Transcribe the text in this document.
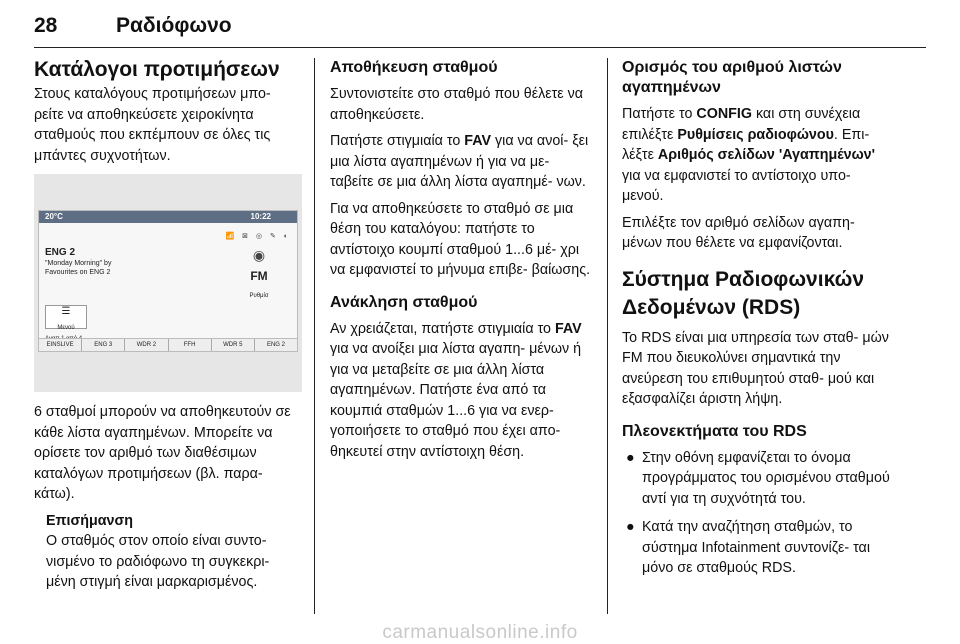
28	Ραδιόφωνο
Κατάλογοι προτιμήσεων

Στους καταλόγους προτιμήσεων μπο- ρείτε να αποθηκεύσετε χειροκίνητα σταθμούς που εκπέμπουν σε όλες τις μπάντες συχνοτήτων.

20°C	10:22
📶 ⊠ ◎ ✎ ◐
ENG 2
"Monday Morning" by
Favourites on ENG 2
◉
FM
Ρυθμίσ
☰
Μενού
EINSLIVE	ENG 3	WDR 2	FFH	WDR 5	ENG 2

6 σταθμοί μπορούν να αποθηκευτούν σε κάθε λίστα αγαπημένων. Μπορείτε να ορίσετε τον αριθμό των διαθέσιμων καταλόγων προτιμήσεων (βλ. παρα- κάτω).

Επισήμανση
Ο σταθμός στον οποίο είναι συντο- νισμένο το ραδιόφωνο τη συγκεκρι- μένη στιγμή είναι μαρκαρισμένος.
Αποθήκευση σταθμού

Συντονιστείτε στο σταθμό που θέλετε να αποθηκεύσετε.

Πατήστε στιγμιαία το FAV για να ανοί- ξει μια λίστα αγαπημένων ή για να με- ταβείτε σε μια άλλη λίστα αγαπημέ- νων.

Για να αποθηκεύσετε το σταθμό σε μια θέση του καταλόγου: πατήστε το αντίστοιχο κουμπί σταθμού 1...6 μέ- χρι να εμφανιστεί το μήνυμα επιβε- βαίωσης.

Ανάκληση σταθμού

Αν χρειάζεται, πατήστε στιγμιαία το FAV για να ανοίξει μια λίστα αγαπη- μένων ή για να μεταβείτε σε μια άλλη λίστα αγαπημένων. Πατήστε ένα από τα κουμπιά σταθμών 1...6 για να ενερ- γοποιήσετε το σταθμό που έχει απο- θηκευτεί στην αντίστοιχη θέση.

Ορισμός του αριθμού λιστών αγαπημένων

Πατήστε το CONFIG και στη συνέχεια επιλέξτε Ρυθμίσεις ραδιοφώνου. Επι- λέξτε Αριθμός σελίδων 'Αγαπημένων' για να εμφανιστεί το αντίστοιχο υπο- μενού.

Επιλέξτε τον αριθμό σελίδων αγαπη- μένων που θέλετε να εμφανίζονται.

Σύστημα Ραδιοφωνικών Δεδομένων (RDS)

Το RDS είναι μια υπηρεσία των σταθ- μών FM που διευκολύνει σημαντικά την ανεύρεση του επιθυμητού σταθ- μού και εξασφαλίζει άριστη λήψη.

Πλεονεκτήματα του RDS
● Στην οθόνη εμφανίζεται το όνομα προγράμματος του ορισμένου σταθμού αντί για τη συχνότητά του.
● Κατά την αναζήτηση σταθμών, το σύστημα Infotainment συντονίζε- ται μόνο σε σταθμούς RDS.
carmanualsonline.info
